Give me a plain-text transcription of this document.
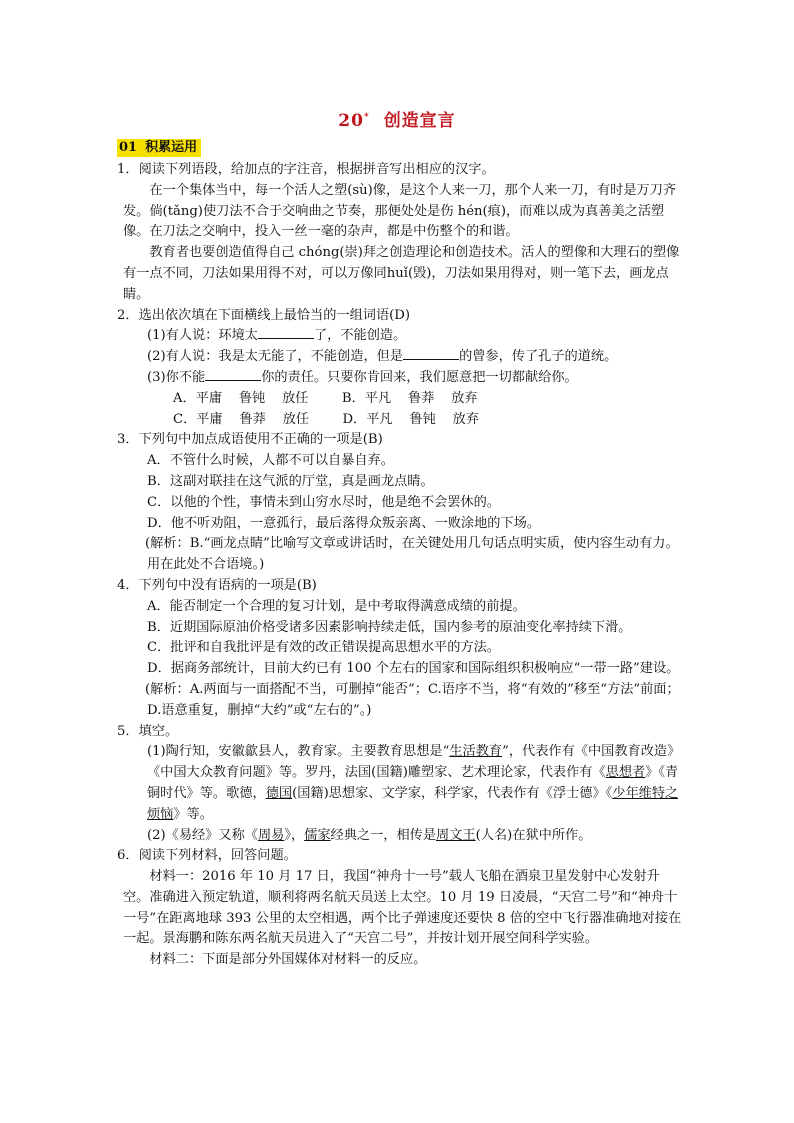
20* 创造宣言
01 积累运用

1．阅读下列语段，给加点的字注音，根据拼音写出相应的汉字。

在一个集体当中，每一个活人之塑(sù)像，是这个人来一刀，那个人来一刀，有时是万刀齐发。倘(tǎng)使刀法不合于交响曲之节奏，那便处处是伤 hén(痕)，而难以成为真善美之活塑像。在刀法之交响中，投入一丝一毫的杂声，都是中伤整个的和谐。

教育者也要创造值得自己 chóng(崇)拜之创造理论和创造技术。活人的塑像和大理石的塑像有一点不同，刀法如果用得不对，可以万像同huǐ(毁)，刀法如果用得对，则一笔下去，画龙点睛。

2．选出依次填在下面横线上最恰当的一组词语(D)

(1)有人说：环境太	了，不能创造。

(2)有人说：我是太无能了，不能创造，但是	的曾参，传了孔子的道统。

(3)你不能	你的责任。只要你肯回来，我们愿意把一切都献给你。

A．平庸    鲁钝    放任	B．平凡    鲁莽    放弃

C．平庸    鲁莽    放任	D．平凡    鲁钝    放弃

3．下列句中加点成语使用不正确的一项是(B)

A．不管什么时候，人都不可以自暴自弃。

B．这副对联挂在这气派的厅堂，真是画龙点睛。

C．以他的个性，事情未到山穷水尽时，他是绝不会罢休的。

D．他不听劝阻，一意孤行，最后落得众叛亲离、一败涂地的下场。

(解析：B.“画龙点睛”比喻写文章或讲话时，在关键处用几句话点明实质，使内容生动有力。用在此处不合语境。)

4．下列句中没有语病的一项是(B)

A．能否制定一个合理的复习计划，是中考取得满意成绩的前提。

B．近期国际原油价格受诸多因素影响持续走低，国内参考的原油变化率持续下滑。

C．批评和自我批评是有效的改正错误提高思想水平的方法。

D．据商务部统计，目前大约已有 100 个左右的国家和国际组织积极响应“一带一路”建设。

(解析：A.两面与一面搭配不当，可删掉“能否”；C.语序不当，将“有效的”移至“方法”前面；D.语意重复，删掉“大约”或“左右的”。)

5．填空。

(1)陶行知，安徽歙县人，教育家。主要教育思想是“生活教育”，代表作有《中国教育改造》《中国大众教育问题》等。罗丹，法国(国籍)雕塑家、艺术理论家，代表作有《思想者》《青铜时代》等。歌德，德国(国籍)思想家、文学家，科学家，代表作有《浮士德》《少年维特之烦恼》等。

(2)《易经》又称《周易》，儒家经典之一，相传是周文王(人名)在狱中所作。

6．阅读下列材料，回答问题。

材料一：2016 年 10 月 17 日，我国“神舟十一号”载人飞船在酒泉卫星发射中心发射升空。准确进入预定轨道，顺利将两名航天员送上太空。10 月 19 日凌晨，“天宫二号”和“神舟十一号”在距离地球 393 公里的太空相遇，两个比子弹速度还要快 8 倍的空中飞行器准确地对接在一起。景海鹏和陈东两名航天员进入了“天宫二号”，并按计划开展空间科学实验。

材料二：下面是部分外国媒体对材料一的反应。
